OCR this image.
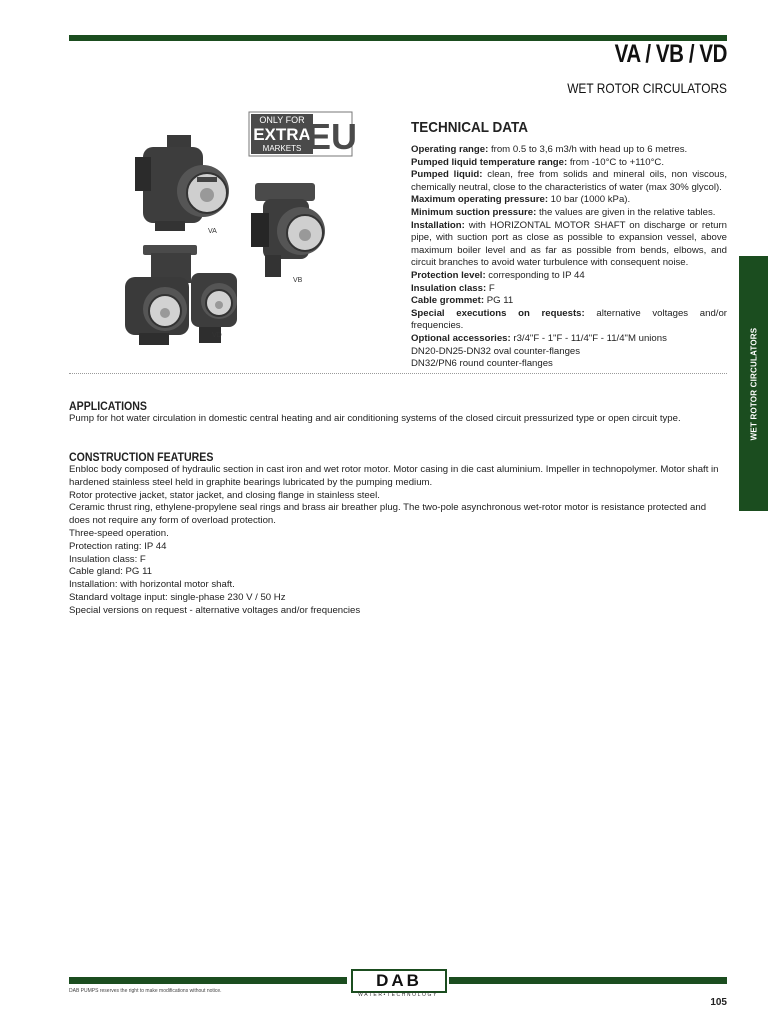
VA / VB / VD
WET ROTOR CIRCULATORS
ONLY FOR
EXTRA
MARKETS EU
VA
VB
VD
TECHNICAL DATA
Operating range: from 0.5 to 3,6 m3/h with head up to 6 metres.
Pumped liquid temperature range: from -10°C to +110°C.
Pumped liquid: clean, free from solids and mineral oils, non viscous, chemically neutral, close to the characteristics of water (max 30% glycol).
Maximum operating pressure: 10 bar (1000 kPa).
Minimum suction pressure: the values are given in the relative tables.
Installation: with HORIZONTAL MOTOR SHAFT on discharge or return pipe, with suction port as close as possible to expansion vessel, above maximum boiler level and as far as possible from bends, elbows, and circuit branches to avoid water turbulence with consequent noise.
Protection level: corresponding to IP 44
Insulation class: F
Cable grommet: PG 11
Special executions on requests: alternative voltages and/or frequencies.
Optional accessories: r3/4"F - 1"F - 11/4"F - 11/4"M unions
DN20-DN25-DN32 oval counter-flanges
DN32/PN6 round counter-flanges
APPLICATIONS
Pump for hot water circulation in domestic central heating and air conditioning systems of the closed circuit pressurized type or open circuit type.
CONSTRUCTION FEATURES
Enbloc body composed of hydraulic section in cast iron and wet rotor motor. Motor casing in die cast aluminium. Impeller in technopolymer. Motor shaft in hardened stainless steel held in graphite bearings lubricated by the pumping medium.
Rotor protective jacket, stator jacket, and closing flange in stainless steel.
Ceramic thrust ring, ethylene-propylene seal rings and brass air breather plug. The two-pole asynchronous wet-rotor motor is resistance protected and does not require any form of overload protection.
Three-speed operation.
Protection rating: IP 44
Insulation class: F
Cable gland: PG 11
Installation: with horizontal motor shaft.
Standard voltage input: single-phase 230 V / 50 Hz
Special versions on request - alternative voltages and/or frequencies
WET ROTOR CIRCULATORS
DAB
WATER•TECHNOLOGY
DAB PUMPS reserves the right to make modifications without notice.
105
